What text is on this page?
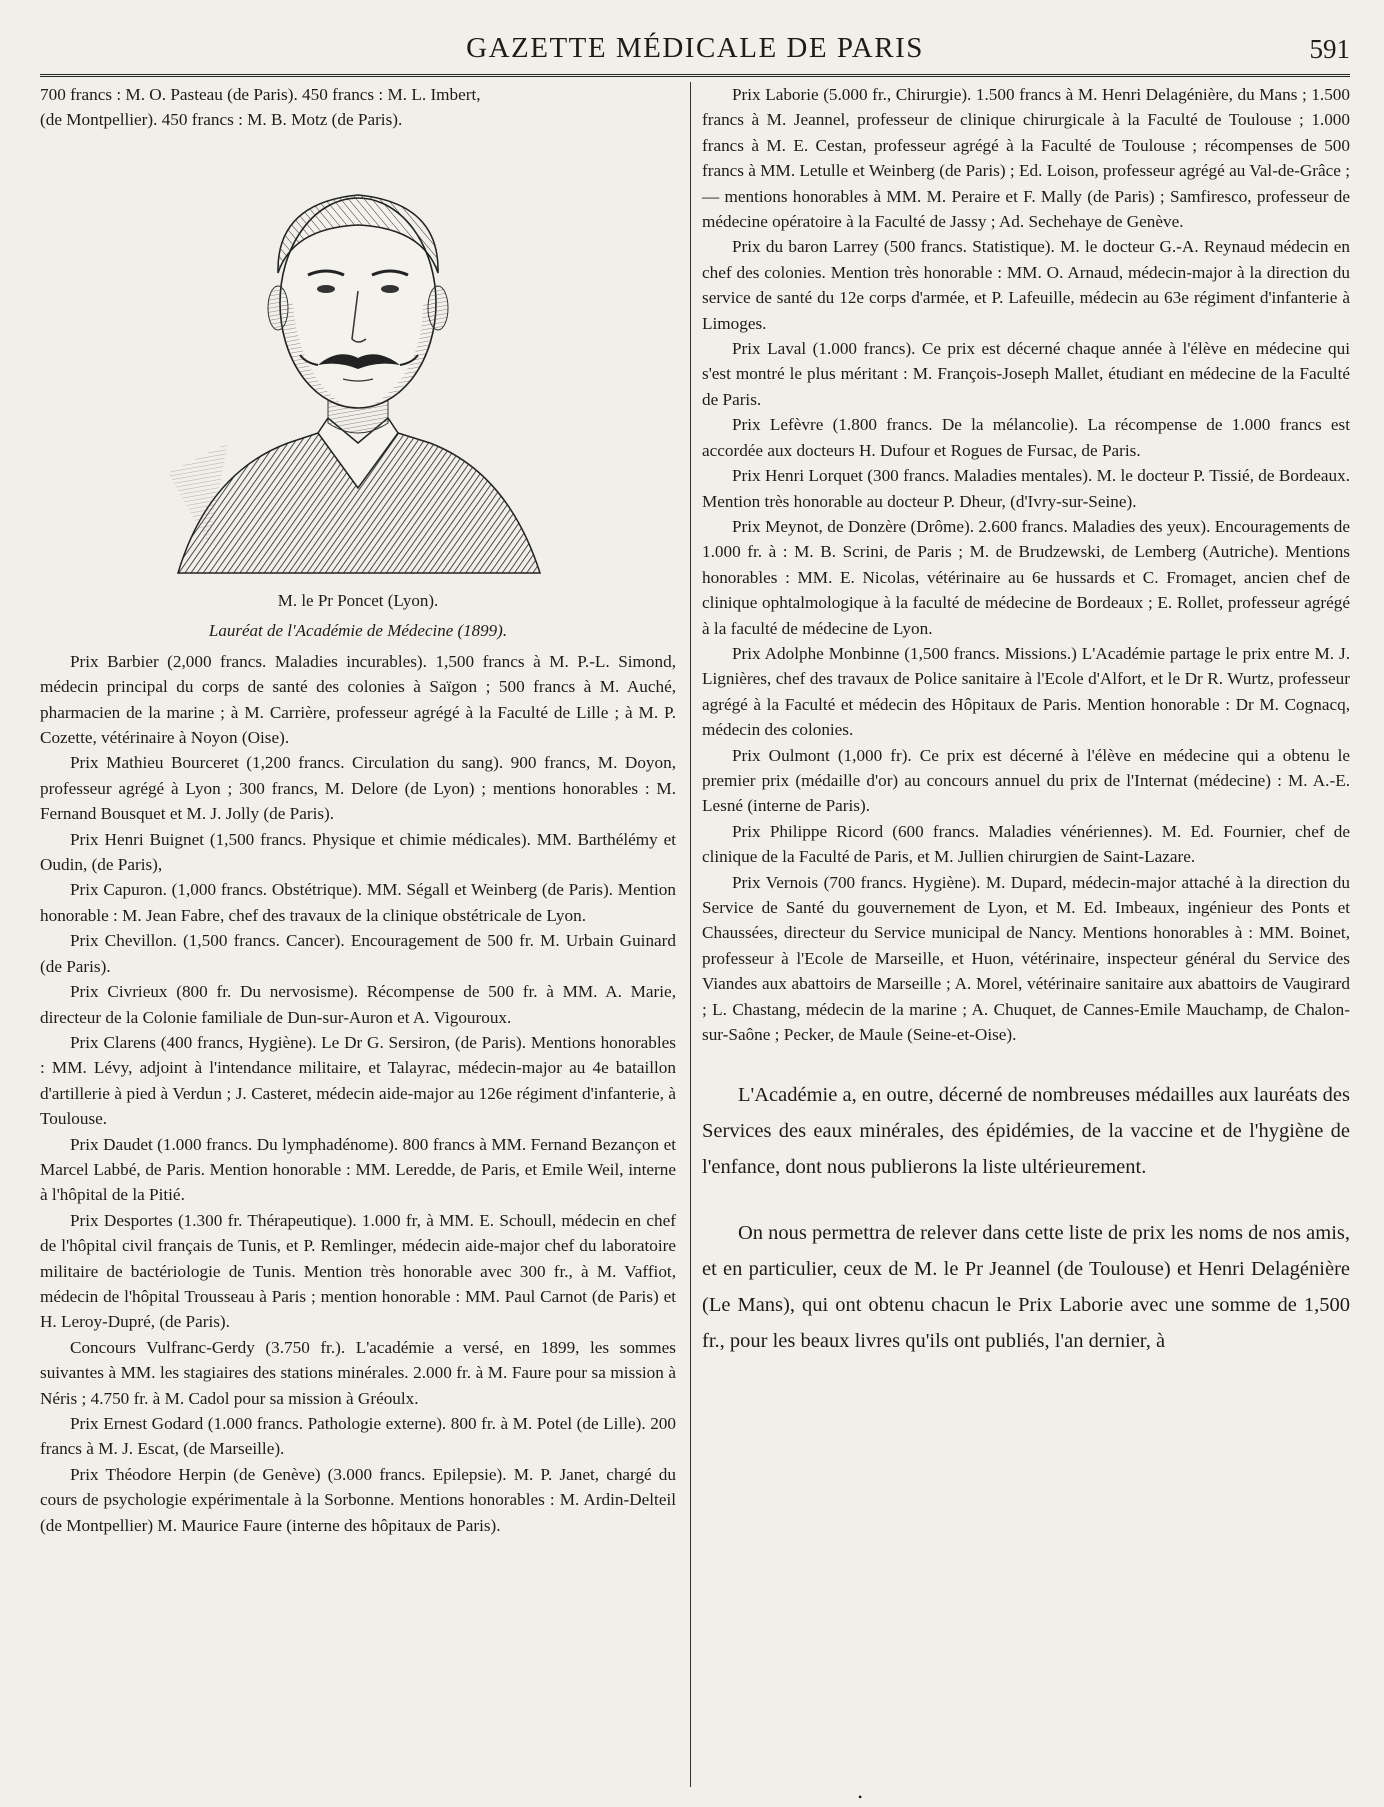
GAZETTE MÉDICALE DE PARIS	591

700 francs : M. O. Pasteau (de Paris). 450 francs : M. L. Imbert,

(de Montpellier). 450 francs : M. B. Motz (de Paris).

M. le Pr Poncet (Lyon).
Lauréat de l'Académie de Médecine (1899).

Prix Barbier (2,000 francs. Maladies incurables). 1,500 francs à M. P.-L. Simond, médecin principal du corps de santé des colonies à Saïgon ; 500 francs à M. Auché, pharmacien de la marine ; à M. Carrière, professeur agrégé à la Faculté de Lille ; à M. P. Cozette, vétérinaire à Noyon (Oise).

Prix Mathieu Bourceret (1,200 francs. Circulation du sang). 900 francs, M. Doyon, professeur agrégé à Lyon ; 300 francs, M. Delore (de Lyon) ; mentions honorables : M. Fernand Bousquet et M. J. Jolly (de Paris).

Prix Henri Buignet (1,500 francs. Physique et chimie médicales). MM. Barthélémy et Oudin, (de Paris),

Prix Capuron. (1,000 francs. Obstétrique). MM. Ségall et Weinberg (de Paris). Mention honorable : M. Jean Fabre, chef des travaux de la clinique obstétricale de Lyon.

Prix Chevillon. (1,500 francs. Cancer). Encouragement de 500 fr. M. Urbain Guinard (de Paris).

Prix Civrieux (800 fr. Du nervosisme). Récompense de 500 fr. à MM. A. Marie, directeur de la Colonie familiale de Dun-sur-Auron et A. Vigouroux.

Prix Clarens (400 francs, Hygiène). Le Dr G. Sersiron, (de Paris). Mentions honorables : MM. Lévy, adjoint à l'intendance militaire, et Talayrac, médecin-major au 4e bataillon d'artillerie à pied à Verdun ; J. Casteret, médecin aide-major au 126e régiment d'infanterie, à Toulouse.

Prix Daudet (1.000 francs. Du lymphadénome). 800 francs à MM. Fernand Bezançon et Marcel Labbé, de Paris. Mention honorable : MM. Leredde, de Paris, et Emile Weil, interne à l'hôpital de la Pitié.

Prix Desportes (1.300 fr. Thérapeutique). 1.000 fr, à MM. E. Schoull, médecin en chef de l'hôpital civil français de Tunis, et P. Remlinger, médecin aide-major chef du laboratoire militaire de bactériologie de Tunis. Mention très honorable avec 300 fr., à M. Vaffiot, médecin de l'hôpital Trousseau à Paris ; mention honorable : MM. Paul Carnot (de Paris) et H. Leroy-Dupré, (de Paris).

Concours Vulfranc-Gerdy (3.750 fr.). L'académie a versé, en 1899, les sommes suivantes à MM. les stagiaires des stations minérales. 2.000 fr. à M. Faure pour sa mission à Néris ; 4.750 fr. à M. Cadol pour sa mission à Gréoulx.

Prix Ernest Godard (1.000 francs. Pathologie externe). 800 fr. à M. Potel (de Lille). 200 francs à M. J. Escat, (de Marseille).

Prix Théodore Herpin (de Genève) (3.000 francs. Epilepsie). M. P. Janet, chargé du cours de psychologie expérimentale à la Sorbonne. Mentions honorables : M. Ardin-Delteil (de Montpellier) M. Maurice Faure (interne des hôpitaux de Paris).

Prix Laborie (5.000 fr., Chirurgie). 1.500 francs à M. Henri Delagénière, du Mans ; 1.500 francs à M. Jeannel, professeur de clinique chirurgicale à la Faculté de Toulouse ; 1.000 francs à M. E. Cestan, professeur agrégé à la Faculté de Toulouse ; récompenses de 500 francs à MM. Letulle et Weinberg (de Paris) ; Ed. Loison, professeur agrégé au Val-de-Grâce ; — mentions honorables à MM. M. Peraire et F. Mally (de Paris) ; Samfiresco, professeur de médecine opératoire à la Faculté de Jassy ; Ad. Sechehaye de Genève.

Prix du baron Larrey (500 francs. Statistique). M. le docteur G.-A. Reynaud médecin en chef des colonies. Mention très honorable : MM. O. Arnaud, médecin-major à la direction du service de santé du 12e corps d'armée, et P. Lafeuille, médecin au 63e régiment d'infanterie à Limoges.

Prix Laval (1.000 francs). Ce prix est décerné chaque année à l'élève en médecine qui s'est montré le plus méritant : M. François-Joseph Mallet, étudiant en médecine de la Faculté de Paris.

Prix Lefèvre (1.800 francs. De la mélancolie). La récompense de 1.000 francs est accordée aux docteurs H. Dufour et Rogues de Fursac, de Paris.

Prix Henri Lorquet (300 francs. Maladies mentales). M. le docteur P. Tissié, de Bordeaux. Mention très honorable au docteur P. Dheur, (d'Ivry-sur-Seine).

Prix Meynot, de Donzère (Drôme). 2.600 francs. Maladies des yeux). Encouragements de 1.000 fr. à : M. B. Scrini, de Paris ; M. de Brudzewski, de Lemberg (Autriche). Mentions honorables : MM. E. Nicolas, vétérinaire au 6e hussards et C. Fromaget, ancien chef de clinique ophtalmologique à la faculté de médecine de Bordeaux ; E. Rollet, professeur agrégé à la faculté de médecine de Lyon.

Prix Adolphe Monbinne (1,500 francs. Missions.) L'Académie partage le prix entre M. J. Lignières, chef des travaux de Police sanitaire à l'Ecole d'Alfort, et le Dr R. Wurtz, professeur agrégé à la Faculté et médecin des Hôpitaux de Paris. Mention honorable : Dr M. Cognacq, médecin des colonies.

Prix Oulmont (1,000 fr). Ce prix est décerné à l'élève en médecine qui a obtenu le premier prix (médaille d'or) au concours annuel du prix de l'Internat (médecine) : M. A.-E. Lesné (interne de Paris).

Prix Philippe Ricord (600 francs. Maladies vénériennes). M. Ed. Fournier, chef de clinique de la Faculté de Paris, et M. Jullien chirurgien de Saint-Lazare.

Prix Vernois (700 francs. Hygiène). M. Dupard, médecin-major attaché à la direction du Service de Santé du gouvernement de Lyon, et M. Ed. Imbeaux, ingénieur des Ponts et Chaussées, directeur du Service municipal de Nancy. Mentions honorables à : MM. Boinet, professeur à l'Ecole de Marseille, et Huon, vétérinaire, inspecteur général du Service des Viandes aux abattoirs de Marseille ; A. Morel, vétérinaire sanitaire aux abattoirs de Vaugirard ; L. Chastang, médecin de la marine ; A. Chuquet, de Cannes-Emile Mauchamp, de Chalon-sur-Saône ; Pecker, de Maule (Seine-et-Oise).

L'Académie a, en outre, décerné de nombreuses médailles aux lauréats des Services des eaux minérales, des épidémies, de la vaccine et de l'hygiène de l'enfance, dont nous publierons la liste ultérieurement.

On nous permettra de relever dans cette liste de prix les noms de nos amis, et en particulier, ceux de M. le Pr Jeannel (de Toulouse) et Henri Delagénière (Le Mans), qui ont obtenu chacun le Prix Laborie avec une somme de 1,500 fr., pour les beaux livres qu'ils ont publiés, l'an dernier, à

•
